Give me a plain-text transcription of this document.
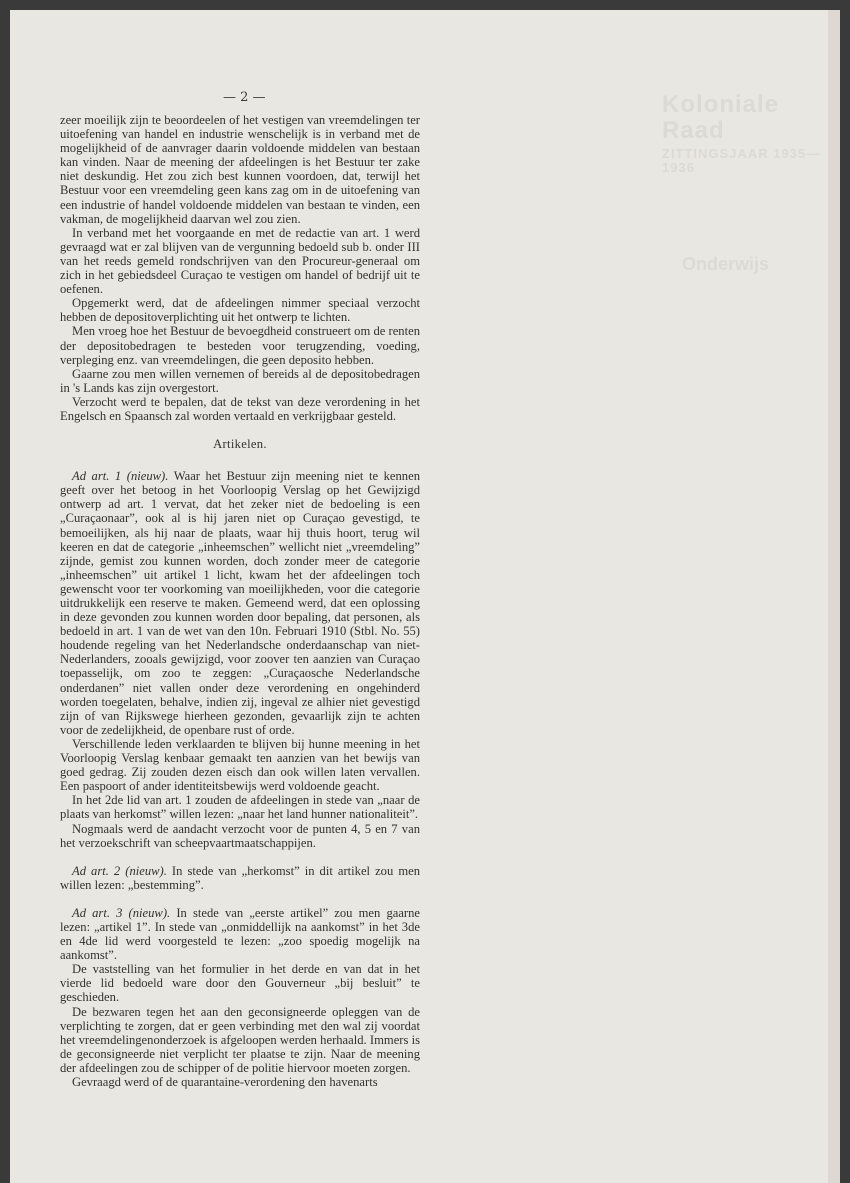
Koloniale Raad
ZITTINGSJAAR 1935—1936
Onderwijs
— 2 —

zeer moeilijk zijn te beoordeelen of het vestigen van vreemdelingen ter uitoefening van handel en industrie wenschelijk is in verband met de mogelijkheid of de aanvrager daarin voldoende middelen van bestaan kan vinden. Naar de meening der afdeelingen is het Bestuur ter zake niet deskundig. Het zou zich best kunnen voordoen, dat, terwijl het Bestuur voor een vreemdeling geen kans zag om in de uitoefening van een industrie of handel voldoende middelen van bestaan te vinden, een vakman, de mogelijkheid daarvan wel zou zien.

In verband met het voorgaande en met de redactie van art. 1 werd gevraagd wat er zal blijven van de vergunning bedoeld sub b. onder III van het reeds gemeld rondschrijven van den Procureur-generaal om zich in het gebiedsdeel Curaçao te vestigen om handel of bedrijf uit te oefenen.

Opgemerkt werd, dat de afdeelingen nimmer speciaal verzocht hebben de depositoverplichting uit het ontwerp te lichten.

Men vroeg hoe het Bestuur de bevoegdheid construeert om de renten der depositobedragen te besteden voor terugzending, voeding, verpleging enz. van vreemdelingen, die geen deposito hebben.

Gaarne zou men willen vernemen of bereids al de depositobedragen in 's Lands kas zijn overgestort.

Verzocht werd te bepalen, dat de tekst van deze verordening in het Engelsch en Spaansch zal worden vertaald en verkrijgbaar gesteld.

Artikelen.

Ad art. 1 (nieuw). Waar het Bestuur zijn meening niet te kennen geeft over het betoog in het Voorloopig Verslag op het Gewijzigd ontwerp ad art. 1 vervat, dat het zeker niet de bedoeling is een „Curaçaonaar”, ook al is hij jaren niet op Curaçao gevestigd, te bemoeilijken, als hij naar de plaats, waar hij thuis hoort, terug wil keeren en dat de categorie „inheemschen” wellicht niet „vreemdeling” zijnde, gemist zou kunnen worden, doch zonder meer de categorie „inheemschen” uit artikel 1 licht, kwam het der afdeelingen toch gewenscht voor ter voorkoming van moeilijkheden, voor die categorie uitdrukkelijk een reserve te maken. Gemeend werd, dat een oplossing in deze gevonden zou kunnen worden door bepaling, dat personen, als bedoeld in art. 1 van de wet van den 10n. Februari 1910 (Stbl. No. 55) houdende regeling van het Nederlandsche onderdaanschap van niet-Nederlanders, zooals gewijzigd, voor zoover ten aanzien van Curaçao toepasselijk, om zoo te zeggen: „Curaçaosche Nederlandsche onderdanen” niet vallen onder deze verordening en ongehinderd worden toegelaten, behalve, indien zij, ingeval ze alhier niet gevestigd zijn of van Rijkswege hierheen gezonden, gevaarlijk zijn te achten voor de zedelijkheid, de openbare rust of orde.

Verschillende leden verklaarden te blijven bij hunne meening in het Voorloopig Verslag kenbaar gemaakt ten aanzien van het bewijs van goed gedrag. Zij zouden dezen eisch dan ook willen laten vervallen. Een paspoort of ander identiteitsbewijs werd voldoende geacht.

In het 2de lid van art. 1 zouden de afdeelingen in stede van „naar de plaats van herkomst” willen lezen: „naar het land hunner nationaliteit”.

Nogmaals werd de aandacht verzocht voor de punten 4, 5 en 7 van het verzoekschrift van scheepvaartmaatschappijen.

Ad art. 2 (nieuw). In stede van „herkomst” in dit artikel zou men willen lezen: „bestemming”.

Ad art. 3 (nieuw). In stede van „eerste artikel” zou men gaarne lezen: „artikel 1”. In stede van „onmiddellijk na aankomst” in het 3de en 4de lid werd voorgesteld te lezen: „zoo spoedig mogelijk na aankomst”.

De vaststelling van het formulier in het derde en van dat in het vierde lid bedoeld ware door den Gouverneur „bij besluit” te geschieden.

De bezwaren tegen het aan den geconsigneerde opleggen van de verplichting te zorgen, dat er geen verbinding met den wal zij voordat het vreemdelingenonderzoek is afgeloopen werden herhaald. Immers is de geconsigneerde niet verplicht ter plaatse te zijn. Naar de meening der afdeelingen zou de schipper of de politie hiervoor moeten zorgen.

Gevraagd werd of de quarantaine-verordening den havenarts
